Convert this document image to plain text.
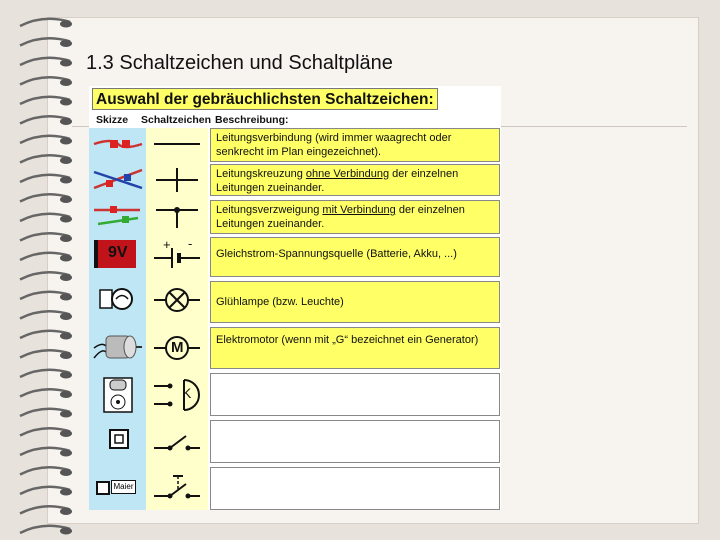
1.3 Schaltzeichen und Schaltpläne
Auswahl der gebräuchlichsten Schaltzeichen:
Skizze Schaltzeichen Beschreibung:
Leitungsverbindung (wird immer waagrecht oder senkrecht im Plan eingezeichnet).
Leitungskreuzung ohne Verbindung der einzelnen Leitungen zueinander.
Leitungsverzweigung mit Verbindung der einzelnen Leitungen zueinander.
Gleichstrom-Spannungsquelle (Batterie, Akku, ...)
Glühlampe (bzw. Leuchte)
Elektromotor (wenn mit „G“ bezeichnet ein Generator)
9V	+ -
M
K
Maier
